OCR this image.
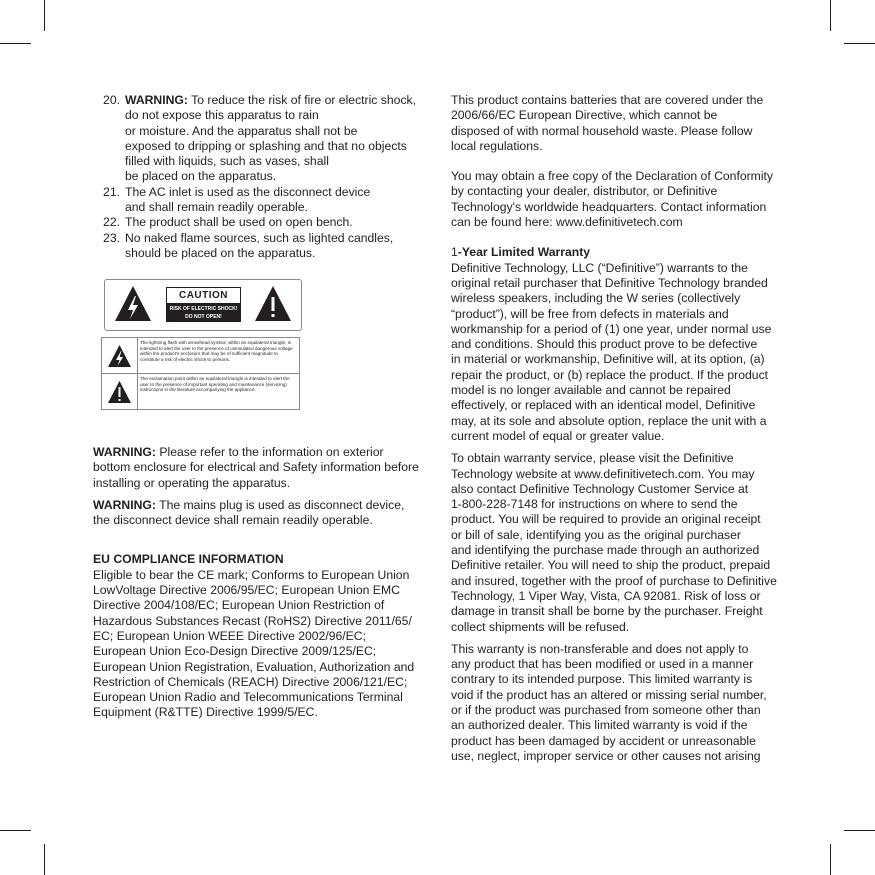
20. WARNING: To reduce the risk of fire or electric shock,
do not expose this apparatus to rain
or moisture. And the apparatus shall not be
exposed to dripping or splashing and that no objects
filled with liquids, such as vases, shall
be placed on the apparatus.
21. The AC inlet is used as the disconnect device
and shall remain readily operable.
22. The product shall be used on open bench.
23. No naked flame sources, such as lighted candles,
should be placed on the apparatus.
CAUTION
RISK OF ELECTRIC SHOCK!
DO NOT OPEN!
The lightning flash with arrowhead symbol, within an equilateral triangle, is intended to alert the user to the presence of uninsulated dangerous voltage within the product's enclosure that may be of sufficient magnitude to constitute a risk of electric shock to persons.
The exclamation point within an equilateral triangle is intended to alert the user to the presence of important operating and maintenance (servicing) instructions in the literature accompanying the appliance.

WARNING: Please refer to the information on exterior
bottom enclosure for electrical and Safety information before
installing or operating the apparatus.

WARNING: The mains plug is used as disconnect device,
the disconnect device shall remain readily operable.

EU COMPLIANCE INFORMATION

Eligible to bear the CE mark; Conforms to European Union
LowVoltage Directive 2006/95/EC; European Union EMC
Directive 2004/108/EC; European Union Restriction of
Hazardous Substances Recast (RoHS2) Directive 2011/65/
EC; European Union WEEE Directive 2002/96/EC;
European Union Eco-Design Directive 2009/125/EC;
European Union Registration, Evaluation, Authorization and
Restriction of Chemicals (REACH) Directive 2006/121/EC;
European Union Radio and Telecommunications Terminal
Equipment (R&TTE) Directive 1999/5/EC.

This product contains batteries that are covered under the
2006/66/EC European Directive, which cannot be
disposed of with normal household waste. Please follow
local regulations.

You may obtain a free copy of the Declaration of Conformity
by contacting your dealer, distributor, or Definitive
Technology's worldwide headquarters. Contact information
can be found here: www.definitivetech.com

1-Year Limited Warranty

Definitive Technology, LLC (“Definitive”) warrants to the
original retail purchaser that Definitive Technology branded
wireless speakers, including the W series (collectively
“product”), will be free from defects in materials and
workmanship for a period of (1) one year, under normal use
and conditions. Should this product prove to be defective
in material or workmanship, Definitive will, at its option, (a)
repair the product, or (b) replace the product. If the product
model is no longer available and cannot be repaired
effectively, or replaced with an identical model, Definitive
may, at its sole and absolute option, replace the unit with a
current model of equal or greater value.

To obtain warranty service, please visit the Definitive
Technology website at www.definitivetech.com. You may
also contact Definitive Technology Customer Service at
1-800-228-7148 for instructions on where to send the
product. You will be required to provide an original receipt
or bill of sale, identifying you as the original purchaser
and identifying the purchase made through an authorized
Definitive retailer. You will need to ship the product, prepaid
and insured, together with the proof of purchase to Definitive
Technology, 1 Viper Way, Vista, CA 92081. Risk of loss or
damage in transit shall be borne by the purchaser. Freight
collect shipments will be refused.

This warranty is non-transferable and does not apply to
any product that has been modified or used in a manner
contrary to its intended purpose. This limited warranty is
void if the product has an altered or missing serial number,
or if the product was purchased from someone other than
an authorized dealer. This limited warranty is void if the
product has been damaged by accident or unreasonable
use, neglect, improper service or other causes not arising
